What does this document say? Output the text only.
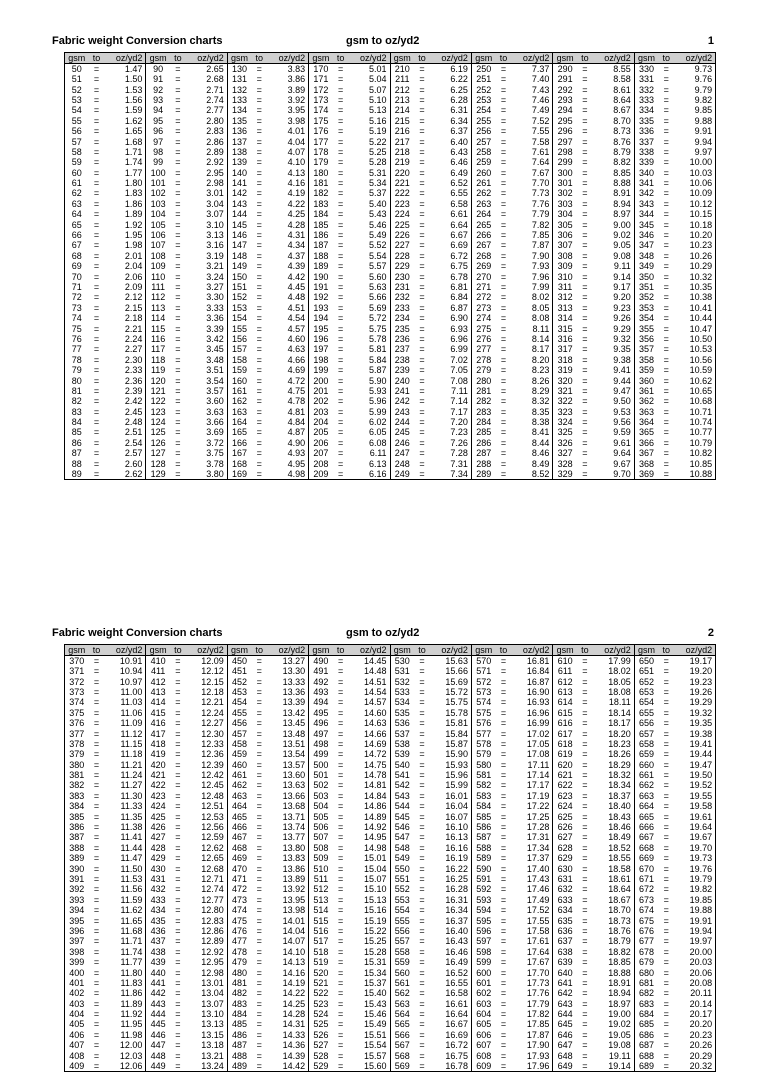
Fabric weight Conversion charts	gsm to oz/yd2	1
gsm	to	oz/yd2	gsm	to	oz/yd2	gsm	to	oz/yd2	gsm	to	oz/yd2	gsm	to	oz/yd2	gsm	to	oz/yd2	gsm	to	oz/yd2	gsm	to	oz/yd2
50	=	1.47	90	=	2.65	130	=	3.83	170	=	5.01	210	=	6.19	250	=	7.37	290	=	8.55	330	=	9.73
51	=	1.50	91	=	2.68	131	=	3.86	171	=	5.04	211	=	6.22	251	=	7.40	291	=	8.58	331	=	9.76
52	=	1.53	92	=	2.71	132	=	3.89	172	=	5.07	212	=	6.25	252	=	7.43	292	=	8.61	332	=	9.79
53	=	1.56	93	=	2.74	133	=	3.92	173	=	5.10	213	=	6.28	253	=	7.46	293	=	8.64	333	=	9.82
54	=	1.59	94	=	2.77	134	=	3.95	174	=	5.13	214	=	6.31	254	=	7.49	294	=	8.67	334	=	9.85
55	=	1.62	95	=	2.80	135	=	3.98	175	=	5.16	215	=	6.34	255	=	7.52	295	=	8.70	335	=	9.88
56	=	1.65	96	=	2.83	136	=	4.01	176	=	5.19	216	=	6.37	256	=	7.55	296	=	8.73	336	=	9.91
57	=	1.68	97	=	2.86	137	=	4.04	177	=	5.22	217	=	6.40	257	=	7.58	297	=	8.76	337	=	9.94
58	=	1.71	98	=	2.89	138	=	4.07	178	=	5.25	218	=	6.43	258	=	7.61	298	=	8.79	338	=	9.97
59	=	1.74	99	=	2.92	139	=	4.10	179	=	5.28	219	=	6.46	259	=	7.64	299	=	8.82	339	=	10.00
60	=	1.77	100	=	2.95	140	=	4.13	180	=	5.31	220	=	6.49	260	=	7.67	300	=	8.85	340	=	10.03
61	=	1.80	101	=	2.98	141	=	4.16	181	=	5.34	221	=	6.52	261	=	7.70	301	=	8.88	341	=	10.06
62	=	1.83	102	=	3.01	142	=	4.19	182	=	5.37	222	=	6.55	262	=	7.73	302	=	8.91	342	=	10.09
63	=	1.86	103	=	3.04	143	=	4.22	183	=	5.40	223	=	6.58	263	=	7.76	303	=	8.94	343	=	10.12
64	=	1.89	104	=	3.07	144	=	4.25	184	=	5.43	224	=	6.61	264	=	7.79	304	=	8.97	344	=	10.15
65	=	1.92	105	=	3.10	145	=	4.28	185	=	5.46	225	=	6.64	265	=	7.82	305	=	9.00	345	=	10.18
66	=	1.95	106	=	3.13	146	=	4.31	186	=	5.49	226	=	6.67	266	=	7.85	306	=	9.02	346	=	10.20
67	=	1.98	107	=	3.16	147	=	4.34	187	=	5.52	227	=	6.69	267	=	7.87	307	=	9.05	347	=	10.23
68	=	2.01	108	=	3.19	148	=	4.37	188	=	5.54	228	=	6.72	268	=	7.90	308	=	9.08	348	=	10.26
69	=	2.04	109	=	3.21	149	=	4.39	189	=	5.57	229	=	6.75	269	=	7.93	309	=	9.11	349	=	10.29
70	=	2.06	110	=	3.24	150	=	4.42	190	=	5.60	230	=	6.78	270	=	7.96	310	=	9.14	350	=	10.32
71	=	2.09	111	=	3.27	151	=	4.45	191	=	5.63	231	=	6.81	271	=	7.99	311	=	9.17	351	=	10.35
72	=	2.12	112	=	3.30	152	=	4.48	192	=	5.66	232	=	6.84	272	=	8.02	312	=	9.20	352	=	10.38
73	=	2.15	113	=	3.33	153	=	4.51	193	=	5.69	233	=	6.87	273	=	8.05	313	=	9.23	353	=	10.41
74	=	2.18	114	=	3.36	154	=	4.54	194	=	5.72	234	=	6.90	274	=	8.08	314	=	9.26	354	=	10.44
75	=	2.21	115	=	3.39	155	=	4.57	195	=	5.75	235	=	6.93	275	=	8.11	315	=	9.29	355	=	10.47
76	=	2.24	116	=	3.42	156	=	4.60	196	=	5.78	236	=	6.96	276	=	8.14	316	=	9.32	356	=	10.50
77	=	2.27	117	=	3.45	157	=	4.63	197	=	5.81	237	=	6.99	277	=	8.17	317	=	9.35	357	=	10.53
78	=	2.30	118	=	3.48	158	=	4.66	198	=	5.84	238	=	7.02	278	=	8.20	318	=	9.38	358	=	10.56
79	=	2.33	119	=	3.51	159	=	4.69	199	=	5.87	239	=	7.05	279	=	8.23	319	=	9.41	359	=	10.59
80	=	2.36	120	=	3.54	160	=	4.72	200	=	5.90	240	=	7.08	280	=	8.26	320	=	9.44	360	=	10.62
81	=	2.39	121	=	3.57	161	=	4.75	201	=	5.93	241	=	7.11	281	=	8.29	321	=	9.47	361	=	10.65
82	=	2.42	122	=	3.60	162	=	4.78	202	=	5.96	242	=	7.14	282	=	8.32	322	=	9.50	362	=	10.68
83	=	2.45	123	=	3.63	163	=	4.81	203	=	5.99	243	=	7.17	283	=	8.35	323	=	9.53	363	=	10.71
84	=	2.48	124	=	3.66	164	=	4.84	204	=	6.02	244	=	7.20	284	=	8.38	324	=	9.56	364	=	10.74
85	=	2.51	125	=	3.69	165	=	4.87	205	=	6.05	245	=	7.23	285	=	8.41	325	=	9.59	365	=	10.77
86	=	2.54	126	=	3.72	166	=	4.90	206	=	6.08	246	=	7.26	286	=	8.44	326	=	9.61	366	=	10.79
87	=	2.57	127	=	3.75	167	=	4.93	207	=	6.11	247	=	7.28	287	=	8.46	327	=	9.64	367	=	10.82
88	=	2.60	128	=	3.78	168	=	4.95	208	=	6.13	248	=	7.31	288	=	8.49	328	=	9.67	368	=	10.85
89	=	2.62	129	=	3.80	169	=	4.98	209	=	6.16	249	=	7.34	289	=	8.52	329	=	9.70	369	=	10.88
Fabric weight Conversion charts	gsm to oz/yd2	2
gsm	to	oz/yd2	gsm	to	oz/yd2	gsm	to	oz/yd2	gsm	to	oz/yd2	gsm	to	oz/yd2	gsm	to	oz/yd2	gsm	to	oz/yd2	gsm	to	oz/yd2
370	=	10.91	410	=	12.09	450	=	13.27	490	=	14.45	530	=	15.63	570	=	16.81	610	=	17.99	650	=	19.17
371	=	10.94	411	=	12.12	451	=	13.30	491	=	14.48	531	=	15.66	571	=	16.84	611	=	18.02	651	=	19.20
372	=	10.97	412	=	12.15	452	=	13.33	492	=	14.51	532	=	15.69	572	=	16.87	612	=	18.05	652	=	19.23
373	=	11.00	413	=	12.18	453	=	13.36	493	=	14.54	533	=	15.72	573	=	16.90	613	=	18.08	653	=	19.26
374	=	11.03	414	=	12.21	454	=	13.39	494	=	14.57	534	=	15.75	574	=	16.93	614	=	18.11	654	=	19.29
375	=	11.06	415	=	12.24	455	=	13.42	495	=	14.60	535	=	15.78	575	=	16.96	615	=	18.14	655	=	19.32
376	=	11.09	416	=	12.27	456	=	13.45	496	=	14.63	536	=	15.81	576	=	16.99	616	=	18.17	656	=	19.35
377	=	11.12	417	=	12.30	457	=	13.48	497	=	14.66	537	=	15.84	577	=	17.02	617	=	18.20	657	=	19.38
378	=	11.15	418	=	12.33	458	=	13.51	498	=	14.69	538	=	15.87	578	=	17.05	618	=	18.23	658	=	19.41
379	=	11.18	419	=	12.36	459	=	13.54	499	=	14.72	539	=	15.90	579	=	17.08	619	=	18.26	659	=	19.44
380	=	11.21	420	=	12.39	460	=	13.57	500	=	14.75	540	=	15.93	580	=	17.11	620	=	18.29	660	=	19.47
381	=	11.24	421	=	12.42	461	=	13.60	501	=	14.78	541	=	15.96	581	=	17.14	621	=	18.32	661	=	19.50
382	=	11.27	422	=	12.45	462	=	13.63	502	=	14.81	542	=	15.99	582	=	17.17	622	=	18.34	662	=	19.52
383	=	11.30	423	=	12.48	463	=	13.66	503	=	14.84	543	=	16.01	583	=	17.19	623	=	18.37	663	=	19.55
384	=	11.33	424	=	12.51	464	=	13.68	504	=	14.86	544	=	16.04	584	=	17.22	624	=	18.40	664	=	19.58
385	=	11.35	425	=	12.53	465	=	13.71	505	=	14.89	545	=	16.07	585	=	17.25	625	=	18.43	665	=	19.61
386	=	11.38	426	=	12.56	466	=	13.74	506	=	14.92	546	=	16.10	586	=	17.28	626	=	18.46	666	=	19.64
387	=	11.41	427	=	12.59	467	=	13.77	507	=	14.95	547	=	16.13	587	=	17.31	627	=	18.49	667	=	19.67
388	=	11.44	428	=	12.62	468	=	13.80	508	=	14.98	548	=	16.16	588	=	17.34	628	=	18.52	668	=	19.70
389	=	11.47	429	=	12.65	469	=	13.83	509	=	15.01	549	=	16.19	589	=	17.37	629	=	18.55	669	=	19.73
390	=	11.50	430	=	12.68	470	=	13.86	510	=	15.04	550	=	16.22	590	=	17.40	630	=	18.58	670	=	19.76
391	=	11.53	431	=	12.71	471	=	13.89	511	=	15.07	551	=	16.25	591	=	17.43	631	=	18.61	671	=	19.79
392	=	11.56	432	=	12.74	472	=	13.92	512	=	15.10	552	=	16.28	592	=	17.46	632	=	18.64	672	=	19.82
393	=	11.59	433	=	12.77	473	=	13.95	513	=	15.13	553	=	16.31	593	=	17.49	633	=	18.67	673	=	19.85
394	=	11.62	434	=	12.80	474	=	13.98	514	=	15.16	554	=	16.34	594	=	17.52	634	=	18.70	674	=	19.88
395	=	11.65	435	=	12.83	475	=	14.01	515	=	15.19	555	=	16.37	595	=	17.55	635	=	18.73	675	=	19.91
396	=	11.68	436	=	12.86	476	=	14.04	516	=	15.22	556	=	16.40	596	=	17.58	636	=	18.76	676	=	19.94
397	=	11.71	437	=	12.89	477	=	14.07	517	=	15.25	557	=	16.43	597	=	17.61	637	=	18.79	677	=	19.97
398	=	11.74	438	=	12.92	478	=	14.10	518	=	15.28	558	=	16.46	598	=	17.64	638	=	18.82	678	=	20.00
399	=	11.77	439	=	12.95	479	=	14.13	519	=	15.31	559	=	16.49	599	=	17.67	639	=	18.85	679	=	20.03
400	=	11.80	440	=	12.98	480	=	14.16	520	=	15.34	560	=	16.52	600	=	17.70	640	=	18.88	680	=	20.06
401	=	11.83	441	=	13.01	481	=	14.19	521	=	15.37	561	=	16.55	601	=	17.73	641	=	18.91	681	=	20.08
402	=	11.86	442	=	13.04	482	=	14.22	522	=	15.40	562	=	16.58	602	=	17.76	642	=	18.94	682	=	20.11
403	=	11.89	443	=	13.07	483	=	14.25	523	=	15.43	563	=	16.61	603	=	17.79	643	=	18.97	683	=	20.14
404	=	11.92	444	=	13.10	484	=	14.28	524	=	15.46	564	=	16.64	604	=	17.82	644	=	19.00	684	=	20.17
405	=	11.95	445	=	13.13	485	=	14.31	525	=	15.49	565	=	16.67	605	=	17.85	645	=	19.02	685	=	20.20
406	=	11.98	446	=	13.15	486	=	14.33	526	=	15.51	566	=	16.69	606	=	17.87	646	=	19.05	686	=	20.23
407	=	12.00	447	=	13.18	487	=	14.36	527	=	15.54	567	=	16.72	607	=	17.90	647	=	19.08	687	=	20.26
408	=	12.03	448	=	13.21	488	=	14.39	528	=	15.57	568	=	16.75	608	=	17.93	648	=	19.11	688	=	20.29
409	=	12.06	449	=	13.24	489	=	14.42	529	=	15.60	569	=	16.78	609	=	17.96	649	=	19.14	689	=	20.32
